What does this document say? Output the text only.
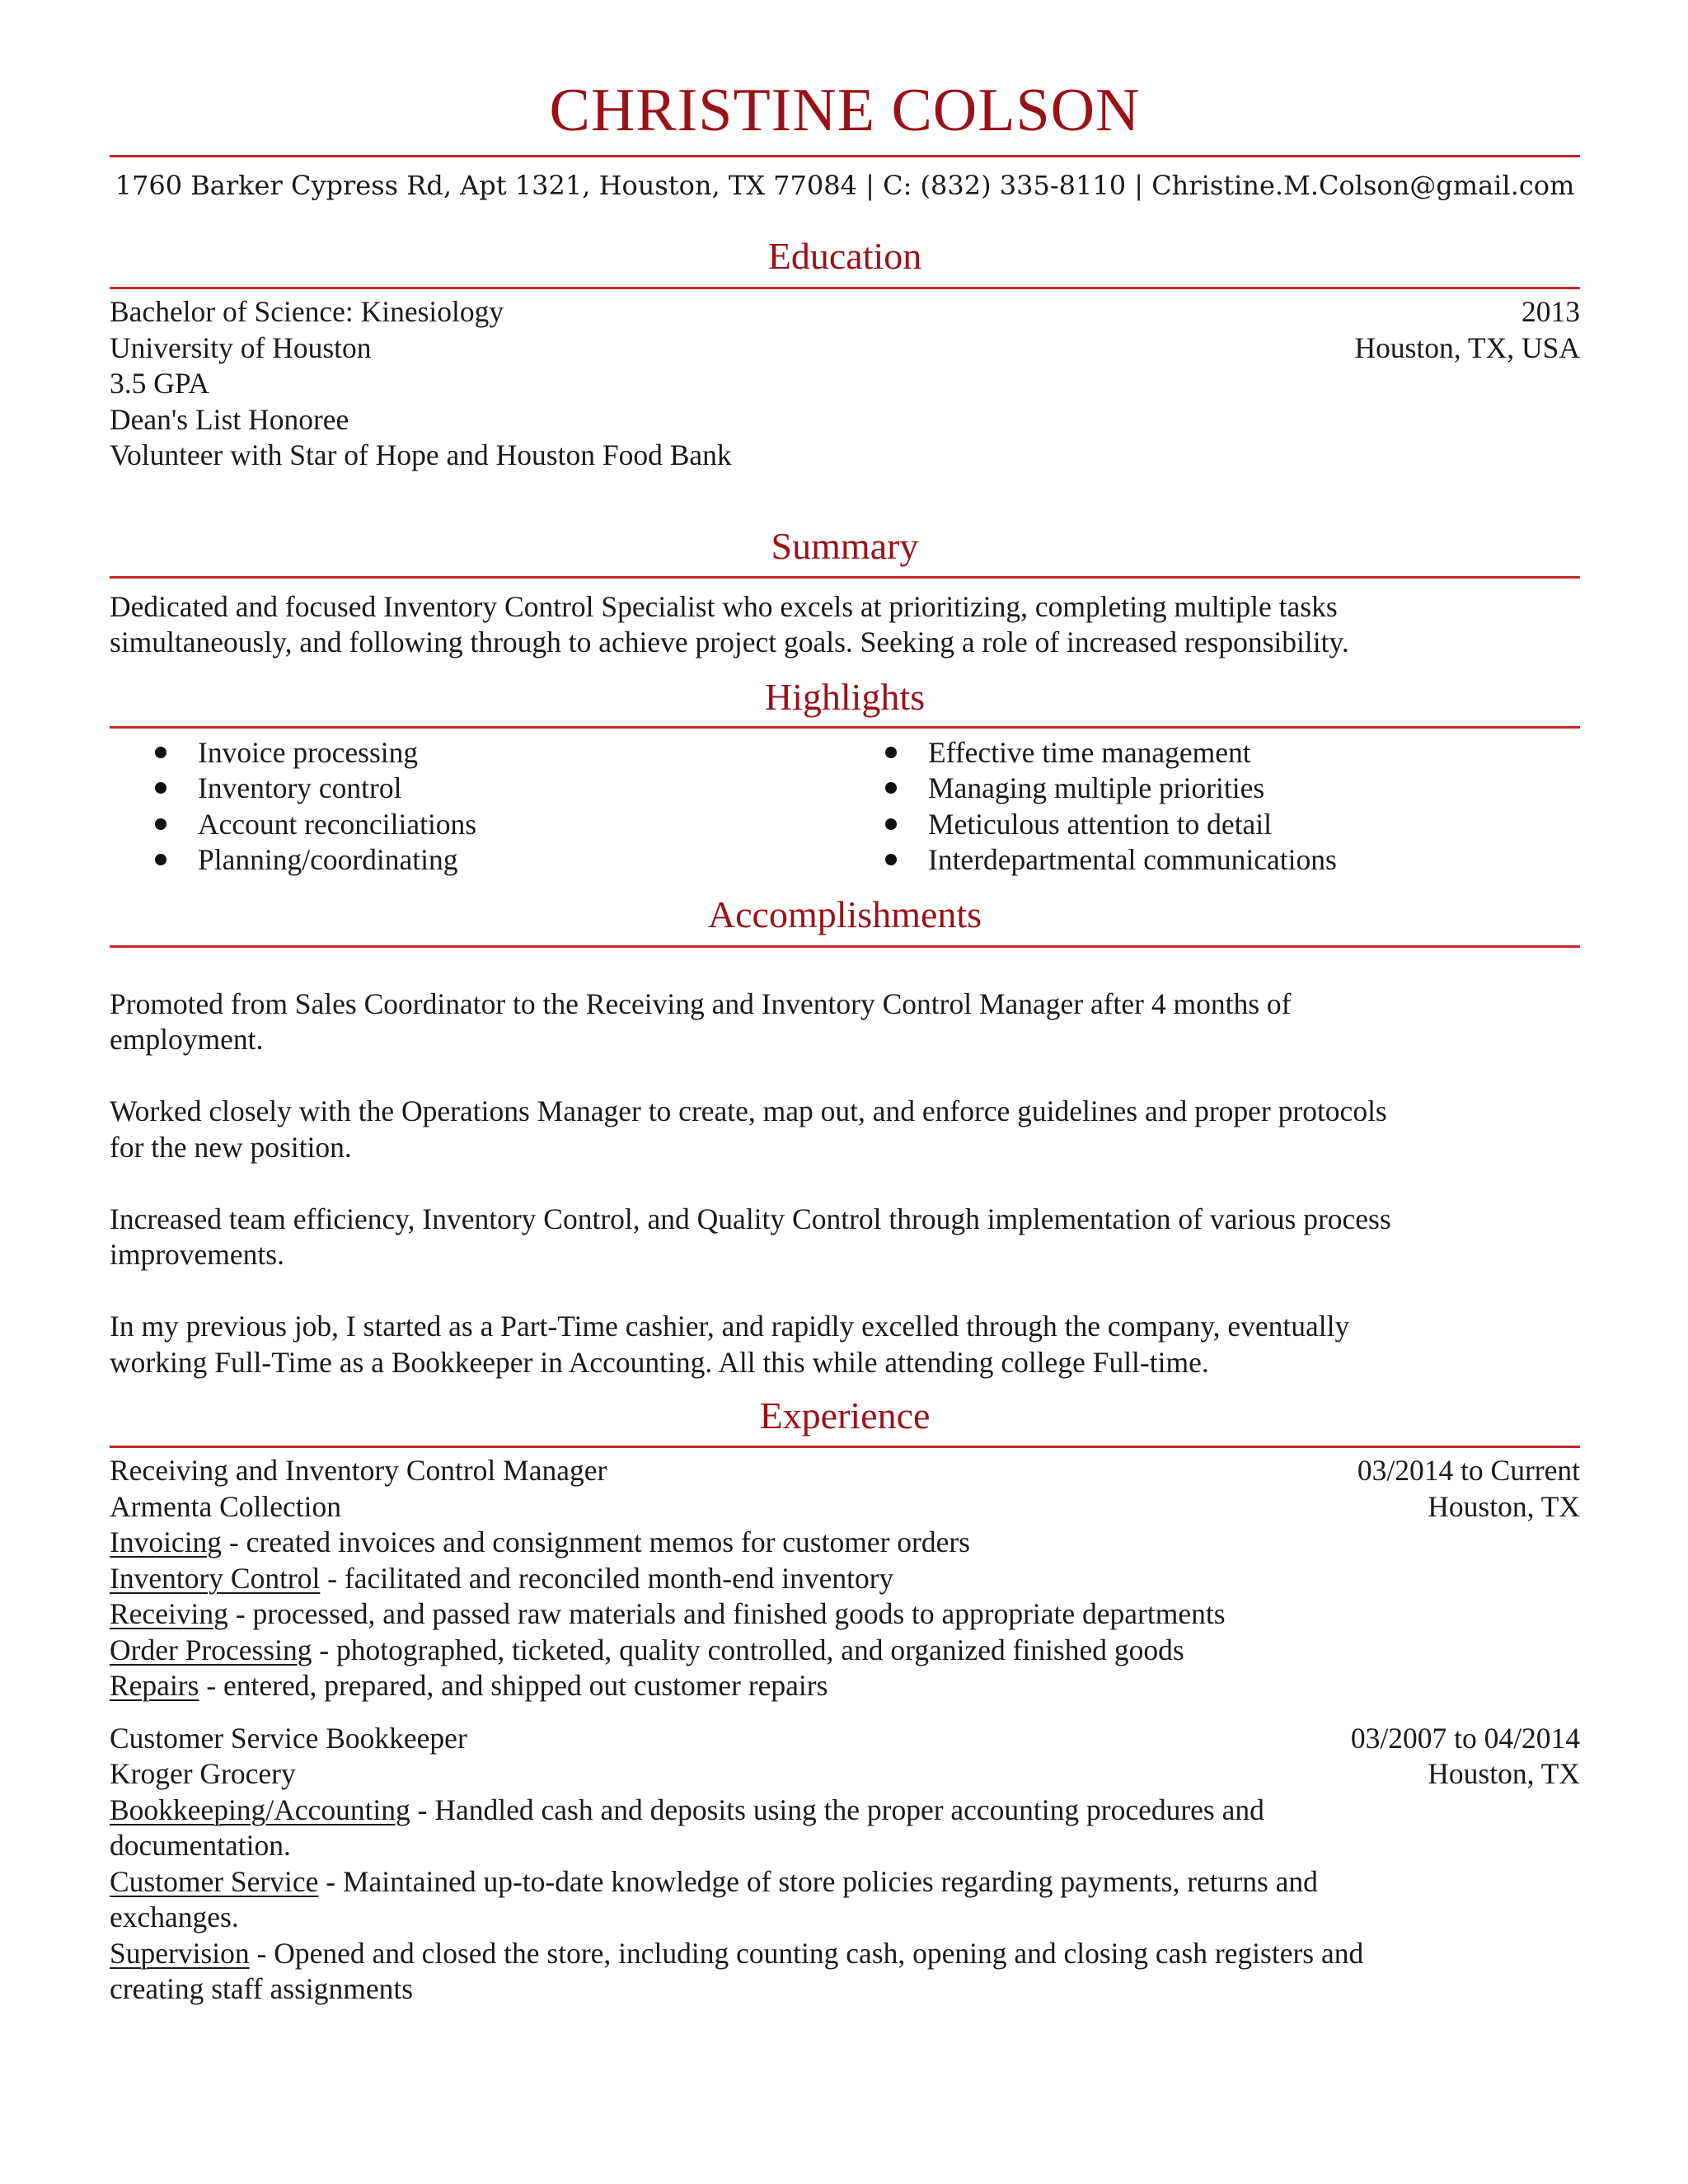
CHRISTINE COLSON
1760 Barker Cypress Rd, Apt 1321, Houston, TX 77084 | C: (832) 335-8110 | Christine.M.Colson@gmail.com
Education
Bachelor of Science: Kinesiology	2013
University of Houston	Houston, TX, USA
3.5 GPA
Dean's List Honoree
Volunteer with Star of Hope and Houston Food Bank
Summary
Dedicated and focused Inventory Control Specialist who excels at prioritizing, completing multiple tasks
simultaneously, and following through to achieve project goals. Seeking a role of increased responsibility.
Highlights
Invoice processing
Inventory control
Account reconciliations
Planning/coordinating
Effective time management
Managing multiple priorities
Meticulous attention to detail
Interdepartmental communications
Accomplishments
Promoted from Sales Coordinator to the Receiving and Inventory Control Manager after 4 months of
employment.
Worked closely with the Operations Manager to create, map out, and enforce guidelines and proper protocols
for the new position.
Increased team efficiency, Inventory Control, and Quality Control through implementation of various process
improvements.
In my previous job, I started as a Part-Time cashier, and rapidly excelled through the company, eventually
working Full-Time as a Bookkeeper in Accounting. All this while attending college Full-time.
Experience
Receiving and Inventory Control Manager	03/2014 to Current
Armenta Collection	Houston, TX
Invoicing - created invoices and consignment memos for customer orders
Inventory Control - facilitated and reconciled month-end inventory
Receiving - processed, and passed raw materials and finished goods to appropriate departments
Order Processing - photographed, ticketed, quality controlled, and organized finished goods
Repairs - entered, prepared, and shipped out customer repairs
Customer Service Bookkeeper	03/2007 to 04/2014
Kroger Grocery	Houston, TX
Bookkeeping/Accounting - Handled cash and deposits using the proper accounting procedures and
documentation.
Customer Service - Maintained up-to-date knowledge of store policies regarding payments, returns and
exchanges.
Supervision - Opened and closed the store, including counting cash, opening and closing cash registers and
creating staff assignments
